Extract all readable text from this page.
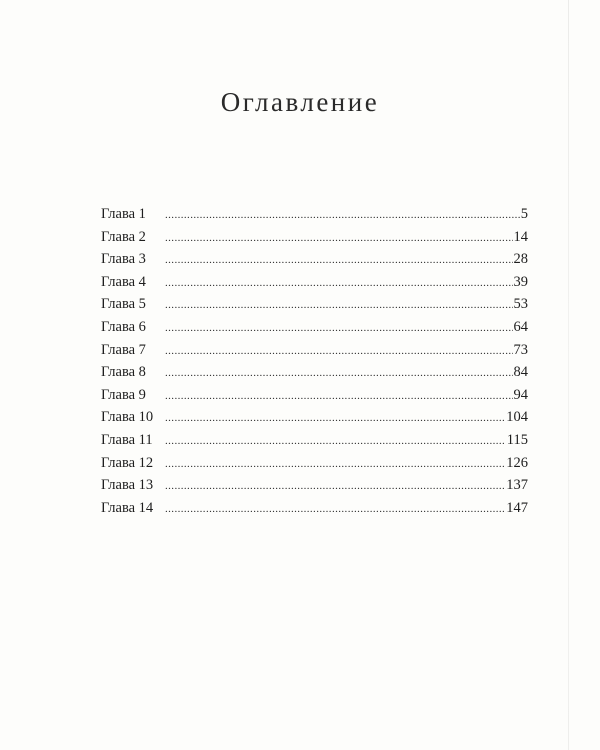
Оглавление
Глава 1 .....	5
Глава 2 .....	14
Глава 3 .....	28
Глава 4 .....	39
Глава 5 .....	53
Глава 6 .....	64
Глава 7 .....	73
Глава 8 .....	84
Глава 9 .....	94
Глава 10 .....	104
Глава 11 .....	115
Глава 12 .....	126
Глава 13 .....	137
Глава 14 .....	147
